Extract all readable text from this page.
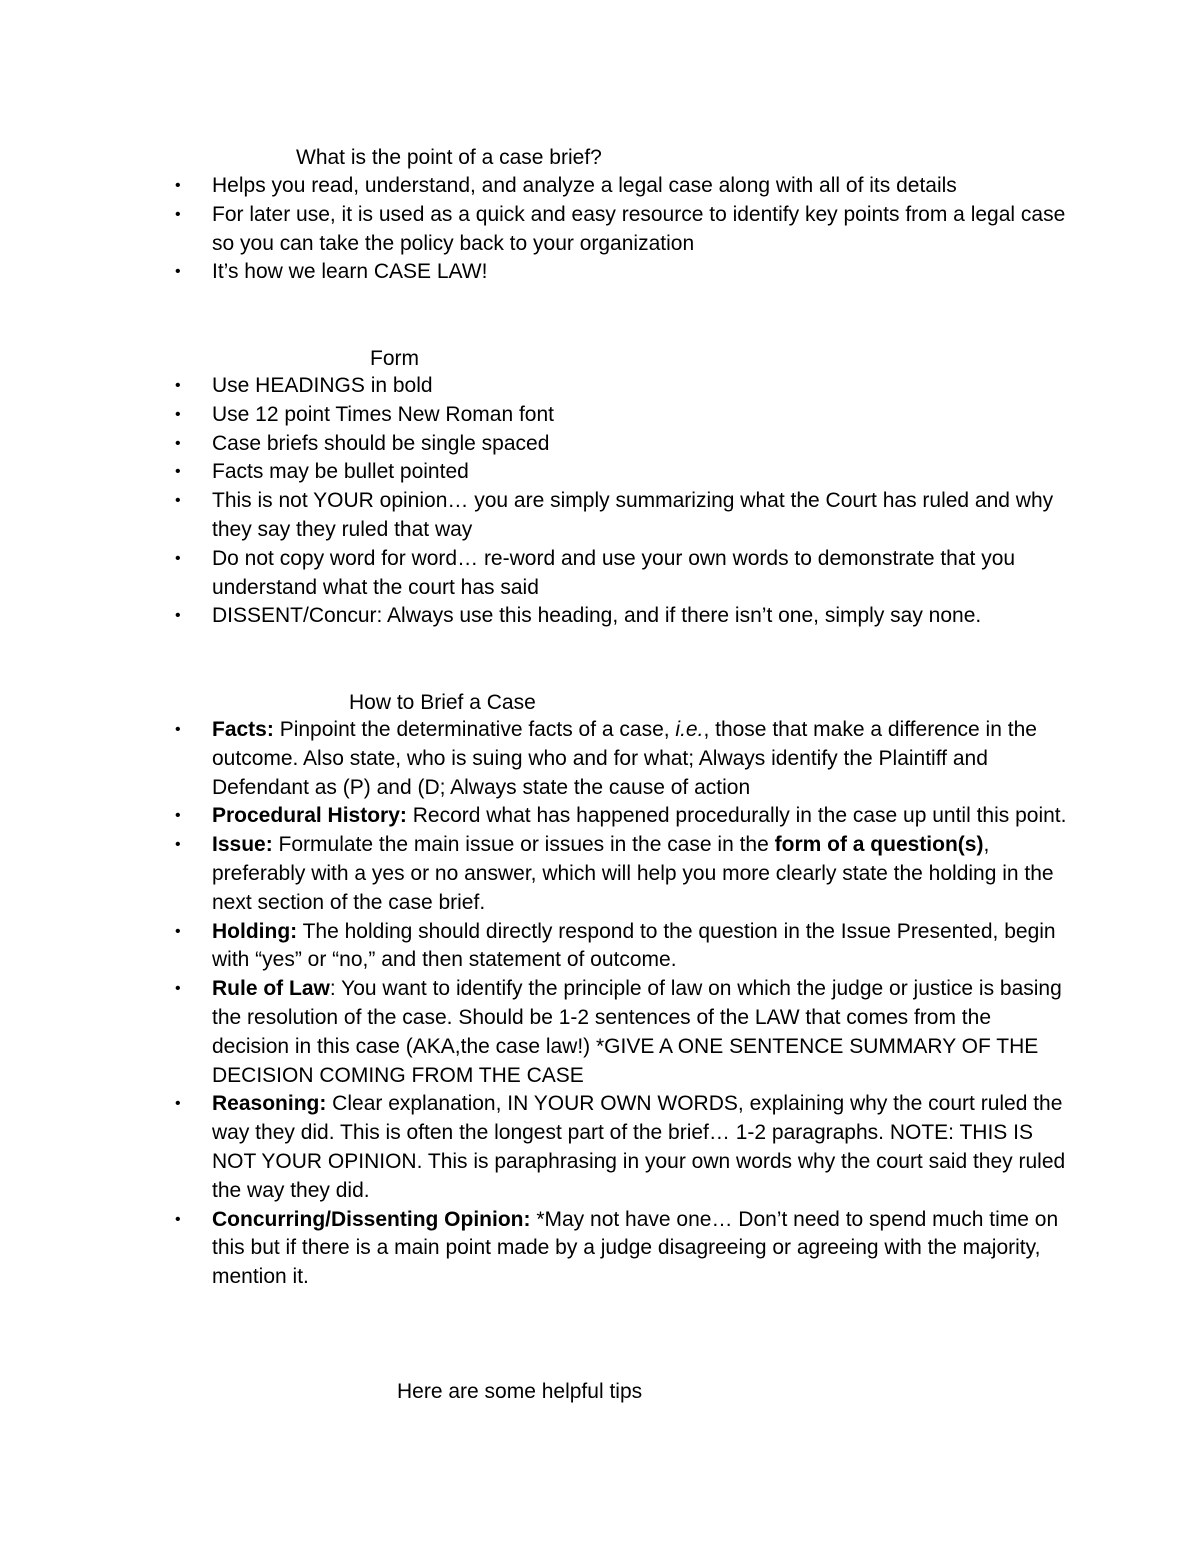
What is the point of a case brief?
• Helps you read, understand, and analyze a legal case along with all of its details
• For later use, it is used as a quick and easy resource to identify key points from a legal case so you can take the policy back to your organization
• It’s how we learn CASE LAW!
Form
• Use HEADINGS in bold
• Use 12 point Times New Roman font
• Case briefs should be single spaced
• Facts may be bullet pointed
• This is not YOUR opinion… you are simply summarizing what the Court has ruled and why they say they ruled that way
• Do not copy word for word… re-word and use your own words to demonstrate that you understand what the court has said
• DISSENT/Concur: Always use this heading, and if there isn’t one, simply say none.
How to Brief a Case
• Facts: Pinpoint the determinative facts of a case, i.e., those that make a difference in the outcome. Also state, who is suing who and for what; Always identify the Plaintiff and Defendant as (P) and (D; Always state the cause of action
• Procedural History: Record what has happened procedurally in the case up until this point.
• Issue: Formulate the main issue or issues in the case in the form of a question(s), preferably with a yes or no answer, which will help you more clearly state the holding in the next section of the case brief.
• Holding: The holding should directly respond to the question in the Issue Presented, begin with “yes” or “no,” and then statement of outcome.
• Rule of Law: You want to identify the principle of law on which the judge or justice is basing the resolution of the case. Should be 1-2 sentences of the LAW that comes from the decision in this case (AKA,the case law!) *GIVE A ONE SENTENCE SUMMARY OF THE DECISION COMING FROM THE CASE
• Reasoning: Clear explanation, IN YOUR OWN WORDS, explaining why the court ruled the way they did. This is often the longest part of the brief… 1-2 paragraphs. NOTE: THIS IS NOT YOUR OPINION. This is paraphrasing in your own words why the court said they ruled the way they did.
• Concurring/Dissenting Opinion: *May not have one… Don’t need to spend much time on this but if there is a main point made by a judge disagreeing or agreeing with the majority, mention it.
Here are some helpful tips
